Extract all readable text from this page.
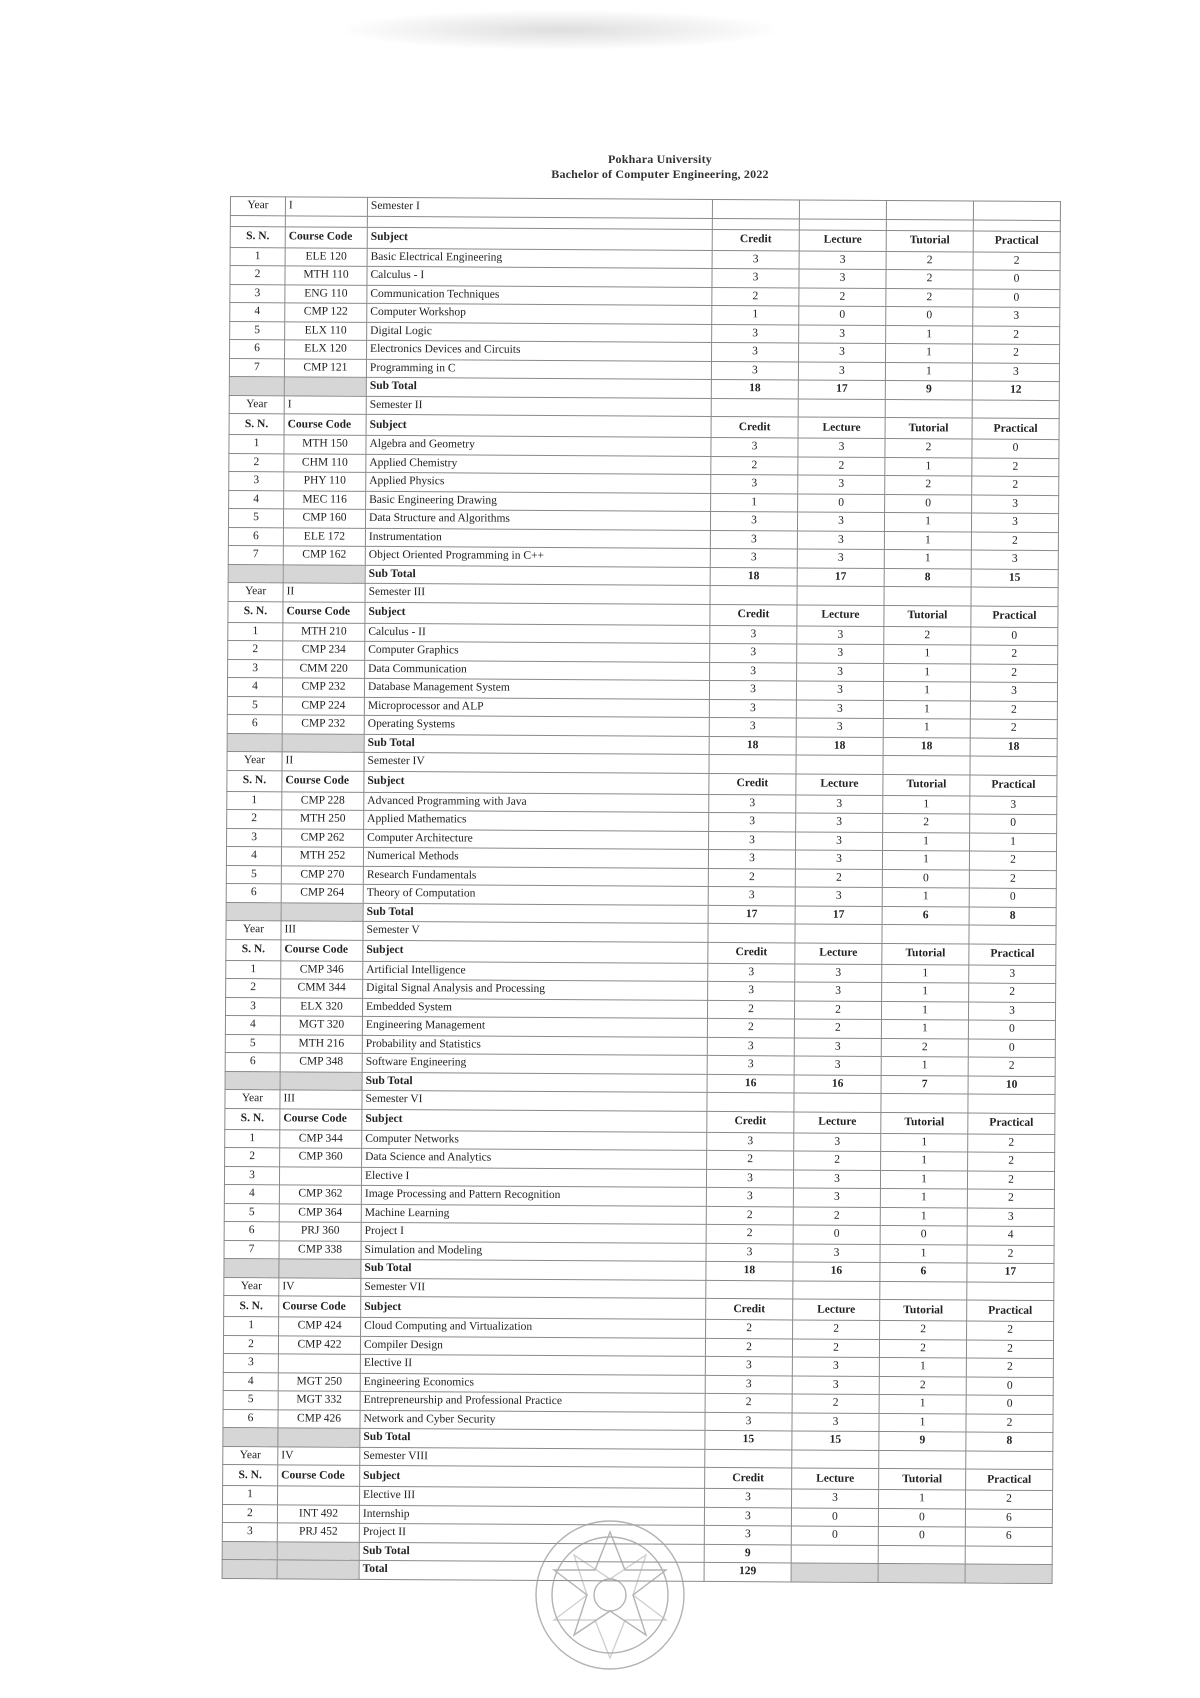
Pokhara University
Bachelor of Computer Engineering, 2022
Year	I	Semester I				

S. N.	Course Code	Subject	Credit	Lecture	Tutorial	Practical
1	ELE 120	Basic Electrical Engineering	3	3	2	2
2	MTH 110	Calculus - I	3	3	2	0
3	ENG 110	Communication Techniques	2	2	2	0
4	CMP 122	Computer Workshop	1	0	0	3
5	ELX 110	Digital Logic	3	3	1	2
6	ELX 120	Electronics Devices and Circuits	3	3	1	2
7	CMP 121	Programming in C	3	3	1	3
		Sub Total	18	17	9	12
Year	I	Semester II				
S. N.	Course Code	Subject	Credit	Lecture	Tutorial	Practical
1	MTH 150	Algebra and Geometry	3	3	2	0
2	CHM 110	Applied Chemistry	2	2	1	2
3	PHY 110	Applied Physics	3	3	2	2
4	MEC 116	Basic Engineering Drawing	1	0	0	3
5	CMP 160	Data Structure and Algorithms	3	3	1	3
6	ELE 172	Instrumentation	3	3	1	2
7	CMP 162	Object Oriented Programming in C++	3	3	1	3
		Sub Total	18	17	8	15
Year	II	Semester III				
S. N.	Course Code	Subject	Credit	Lecture	Tutorial	Practical
1	MTH 210	Calculus - II	3	3	2	0
2	CMP 234	Computer Graphics	3	3	1	2
3	CMM 220	Data Communication	3	3	1	2
4	CMP 232	Database Management System	3	3	1	3
5	CMP 224	Microprocessor and ALP	3	3	1	2
6	CMP 232	Operating Systems	3	3	1	2
		Sub Total	18	18	18	18
Year	II	Semester IV				
S. N.	Course Code	Subject	Credit	Lecture	Tutorial	Practical
1	CMP 228	Advanced Programming with Java	3	3	1	3
2	MTH 250	Applied Mathematics	3	3	2	0
3	CMP 262	Computer Architecture	3	3	1	1
4	MTH 252	Numerical Methods	3	3	1	2
5	CMP 270	Research Fundamentals	2	2	0	2
6	CMP 264	Theory of Computation	3	3	1	0
		Sub Total	17	17	6	8
Year	III	Semester V				
S. N.	Course Code	Subject	Credit	Lecture	Tutorial	Practical
1	CMP 346	Artificial Intelligence	3	3	1	3
2	CMM 344	Digital Signal Analysis and Processing	3	3	1	2
3	ELX 320	Embedded System	2	2	1	3
4	MGT 320	Engineering Management	2	2	1	0
5	MTH 216	Probability and Statistics	3	3	2	0
6	CMP 348	Software Engineering	3	3	1	2
		Sub Total	16	16	7	10
Year	III	Semester VI				
S. N.	Course Code	Subject	Credit	Lecture	Tutorial	Practical
1	CMP 344	Computer Networks	3	3	1	2
2	CMP 360	Data Science and Analytics	2	2	1	2
3		Elective I	3	3	1	2
4	CMP 362	Image Processing and Pattern Recognition	3	3	1	2
5	CMP 364	Machine Learning	2	2	1	3
6	PRJ 360	Project I	2	0	0	4
7	CMP 338	Simulation and Modeling	3	3	1	2
		Sub Total	18	16	6	17
Year	IV	Semester VII				
S. N.	Course Code	Subject	Credit	Lecture	Tutorial	Practical
1	CMP 424	Cloud Computing and Virtualization	2	2	2	2
2	CMP 422	Compiler Design	2	2	2	2
3		Elective II	3	3	1	2
4	MGT 250	Engineering Economics	3	3	2	0
5	MGT 332	Entrepreneurship and Professional Practice	2	2	1	0
6	CMP 426	Network and Cyber Security	3	3	1	2
		Sub Total	15	15	9	8
Year	IV	Semester VIII				
S. N.	Course Code	Subject	Credit	Lecture	Tutorial	Practical
1		Elective III	3	3	1	2
2	INT 492	Internship	3	0	0	6
3	PRJ 452	Project II	3	0	0	6
		Sub Total	9			
		Total	129			
